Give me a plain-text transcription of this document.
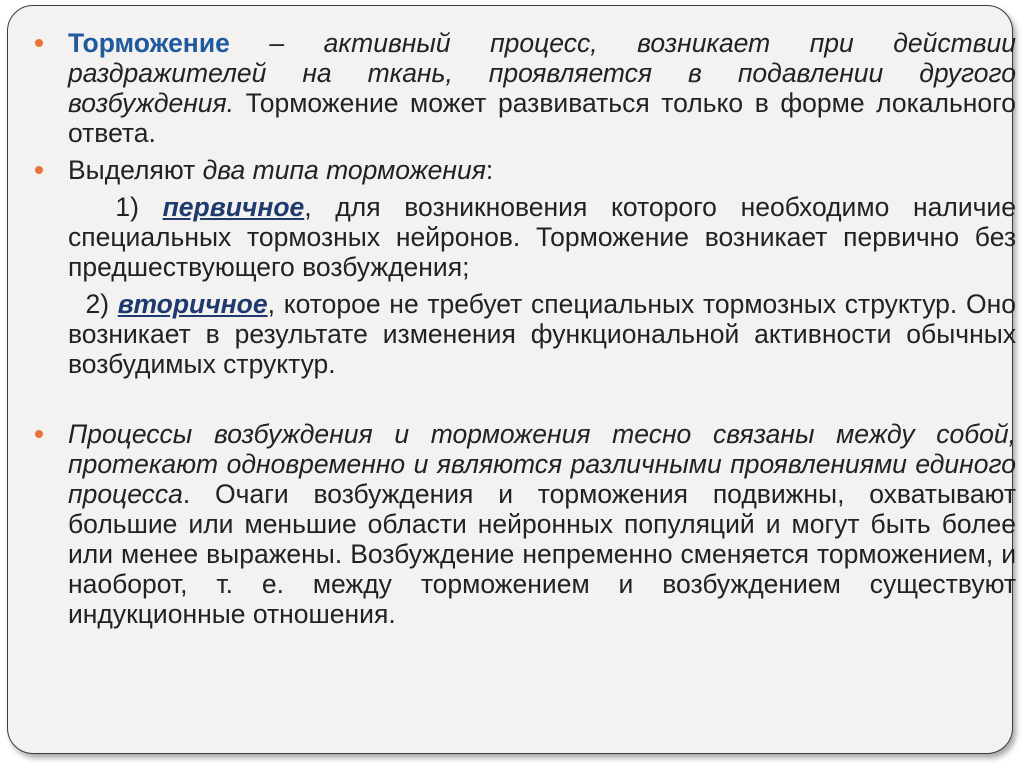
Торможение – активный процесс, возникает при действии раздражителей на ткань, проявляется в подавлении другого возбуждения. Торможение может развиваться только в форме локального ответа.

Выделяют два типа торможения:

1) первичное, для возникновения которого необходимо наличие специальных тормозных нейронов. Торможение возникает первично без предшествующего возбуждения;

2) вторичное, которое не требует специальных тормозных структур. Оно возникает в результате изменения функциональной активности обычных возбудимых структур.

Процессы возбуждения и торможения тесно связаны между собой, протекают одновременно и являются различными проявлениями единого процесса. Очаги возбуждения и торможения подвижны, охватывают большие или меньшие области нейронных популяций и могут быть более или менее выражены. Возбуждение непременно сменяется торможением, и наоборот, т. е. между торможением и возбуждением существуют индукционные отношения.
